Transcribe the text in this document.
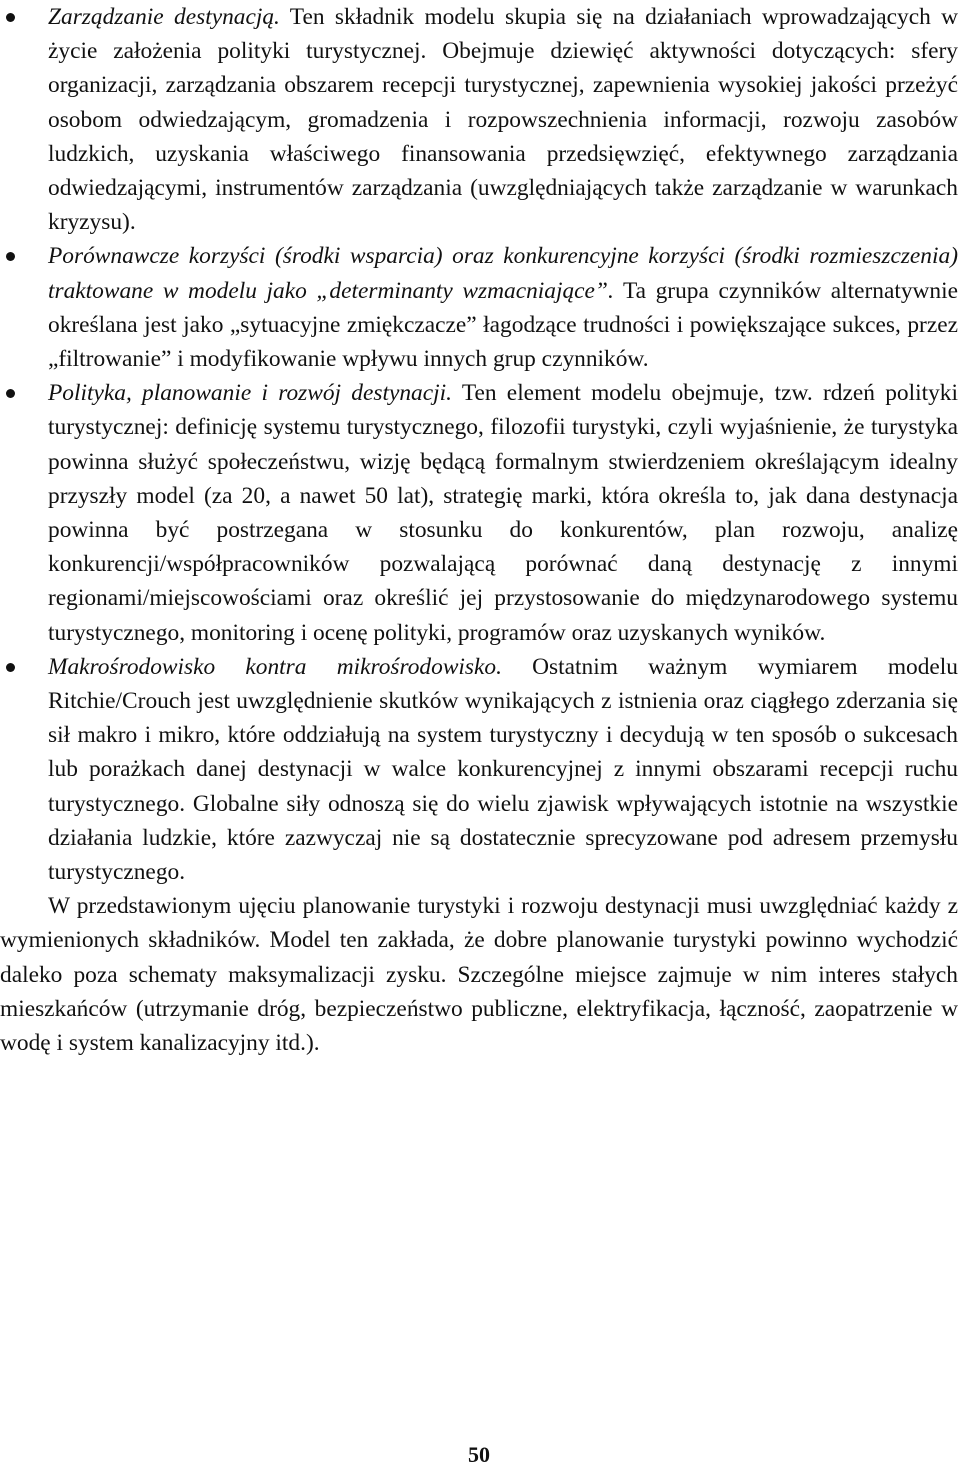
Zarządzanie destynacją. Ten składnik modelu skupia się na działaniach wprowadzających w życie założenia polityki turystycznej. Obejmuje dziewięć aktywności dotyczących: sfery organizacji, zarządzania obszarem recepcji turystycznej, zapewnienia wysokiej jakości przeżyć osobom odwiedzającym, gromadzenia i rozpowszechnienia informacji, rozwoju zasobów ludzkich, uzyskania właściwego finansowania przedsięwzięć, efektywnego zarządzania odwiedzającymi, instrumentów zarządzania (uwzględniających także zarządzanie w warunkach kryzysu).
Porównawcze korzyści (środki wsparcia) oraz konkurencyjne korzyści (środki rozmieszczenia) traktowane w modelu jako „determinanty wzmacniające”. Ta grupa czynników alternatywnie określana jest jako „sytuacyjne zmiękczacze” łagodzące trudności i powiększające sukces, przez „filtrowanie” i modyfikowanie wpływu innych grup czynników.
Polityka, planowanie i rozwój destynacji. Ten element modelu obejmuje, tzw. rdzeń polityki turystycznej: definicję systemu turystycznego, filozofii turystyki, czyli wyjaśnienie, że turystyka powinna służyć społeczeństwu, wizję będącą formalnym stwierdzeniem określającym idealny przyszły model (za 20, a nawet 50 lat), strategię marki, która określa to, jak dana destynacja powinna być postrzegana w stosunku do konkurentów, plan rozwoju, analizę konkurencji/współpracowników pozwalającą porównać daną destynację z innymi regionami/miejscowościami oraz określić jej przystosowanie do międzynarodowego systemu turystycznego, monitoring i ocenę polityki, programów oraz uzyskanych wyników.
Makrośrodowisko kontra mikrośrodowisko. Ostatnim ważnym wymiarem modelu Ritchie/Crouch jest uwzględnienie skutków wynikających z istnienia oraz ciągłego zderzania się sił makro i mikro, które oddziałują na system turystyczny i decydują w ten sposób o sukcesach lub porażkach danej destynacji w walce konkurencyjnej z innymi obszarami recepcji ruchu turystycznego. Globalne siły odnoszą się do wielu zjawisk wpływających istotnie na wszystkie działania ludzkie, które zazwyczaj nie są dostatecznie sprecyzowane pod adresem przemysłu turystycznego.

W przedstawionym ujęciu planowanie turystyki i rozwoju destynacji musi uwzględniać każdy z wymienionych składników. Model ten zakłada, że dobre planowanie turystyki powinno wychodzić daleko poza schematy maksymalizacji zysku. Szczególne miejsce zajmuje w nim interes stałych mieszkańców (utrzymanie dróg, bezpieczeństwo publiczne, elektryfikacja, łączność, zaopatrzenie w wodę i system kanalizacyjny itd.).

50
